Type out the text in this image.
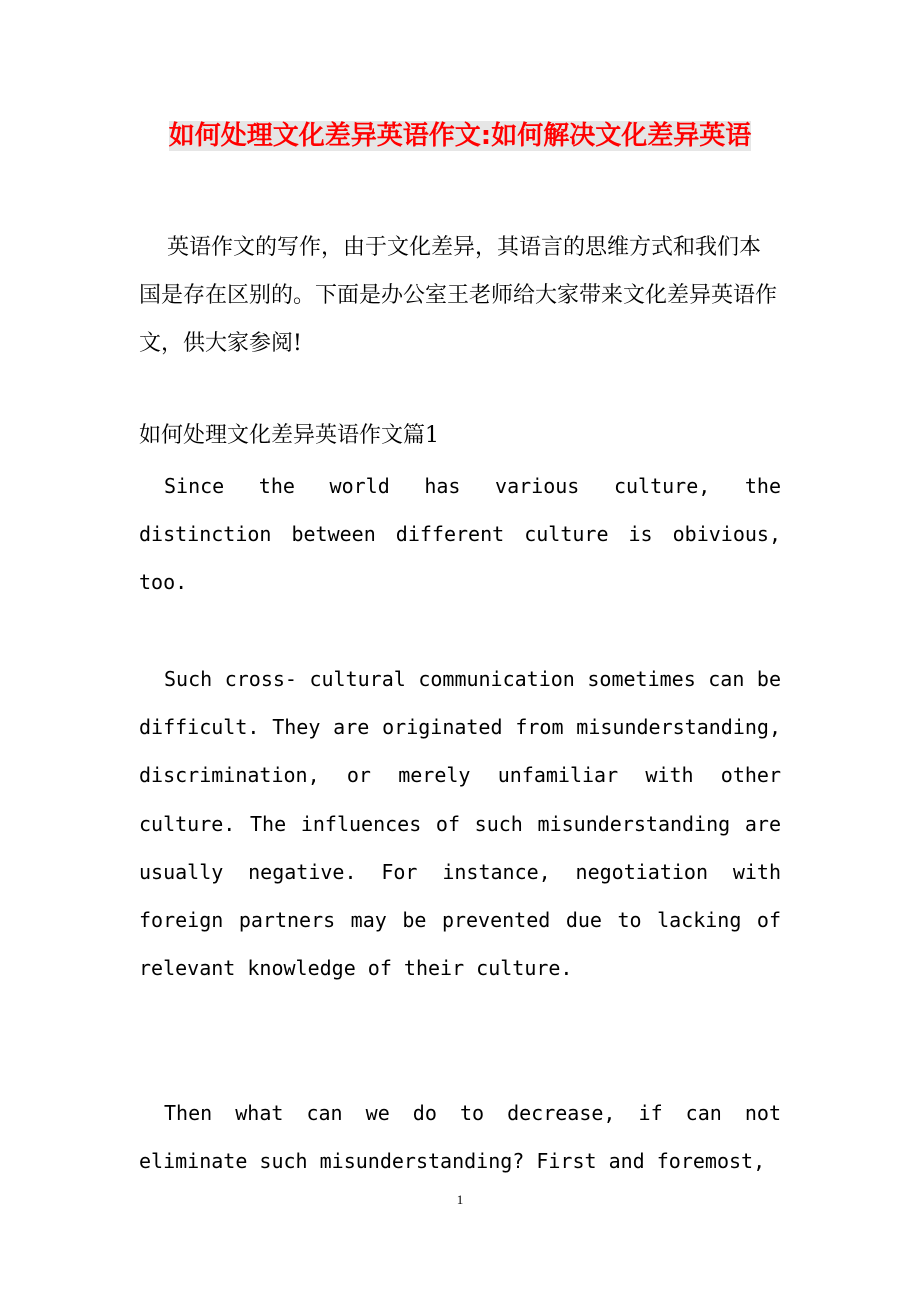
如何处理文化差异英语作文:如何解决文化差异英语

英语作文的写作，由于文化差异，其语言的思维方式和我们本国是存在区别的。下面是办公室王老师给大家带来文化差异英语作文，供大家参阅!

如何处理文化差异英语作文篇1

Since the world has various culture, the distinction between different culture is obivious, too.

Such cross- cultural communication sometimes can be difficult. They are originated from misunderstanding, discrimination, or merely unfamiliar with other culture. The influences of such misunderstanding are usually negative. For instance, negotiation with foreign partners may be prevented due to lacking of relevant knowledge of their culture.

Then what can we do to decrease, if can not eliminate such misunderstanding? First and foremost,

1
